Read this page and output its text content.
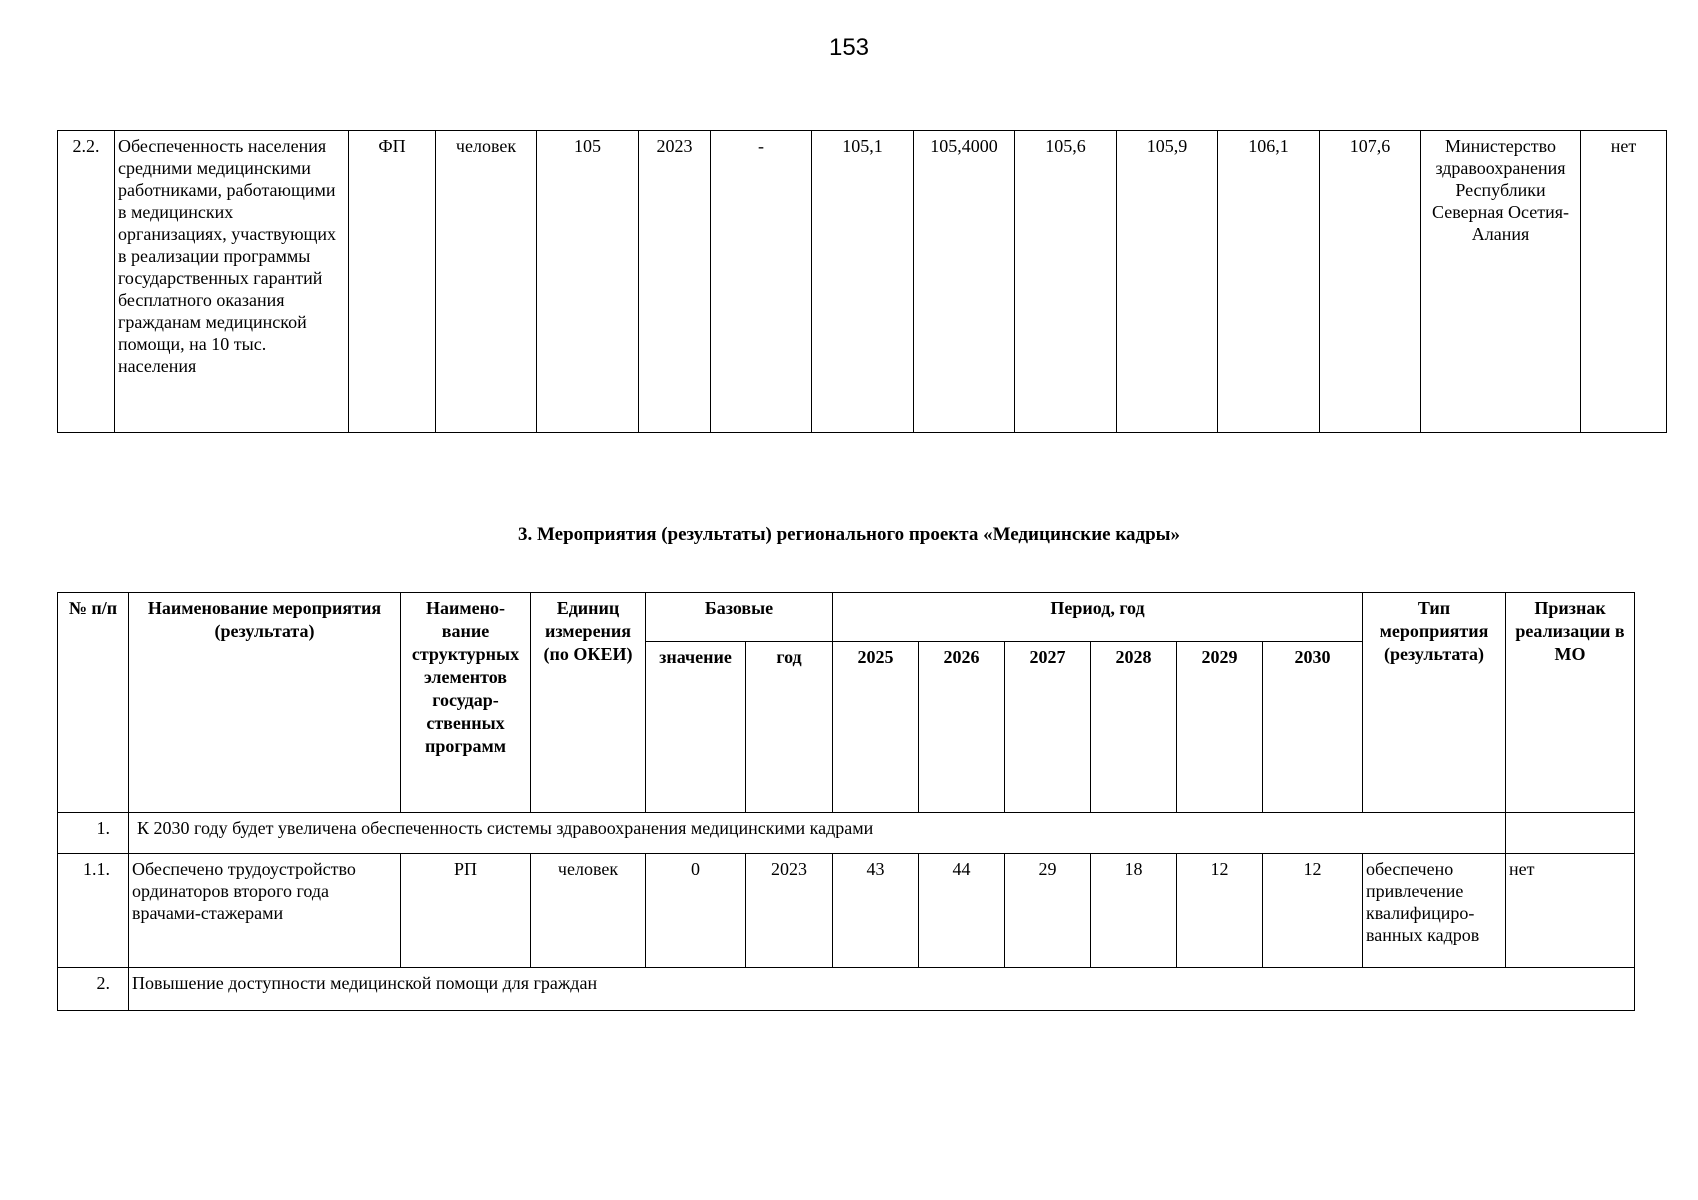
153
2.2.	Обеспеченность населения средними медицинскими работниками, работающими в медицинских организациях, участвующих в реализации программы государственных гарантий бесплатного оказания гражданам медицинской помощи, на 10 тыс. населения	ФП	человек	105	2023	-	105,1	105,4000	105,6	105,9	106,1	107,6	Министерство здравоохранения Республики Северная Осетия-Алания	нет
3. Мероприятия (результаты) регионального проекта «Медицинские кадры»
№ п/п	Наименование мероприятия (результата)	Наимено-вание структурных элементов государ-ственных программ	Единиц измерения (по ОКЕИ)	Базовые		Период, год						Тип мероприятия (результата)	Признак реализации в МО
				значение	год	2025	2026	2027	2028	2029	2030		
1.	К 2030 году будет увеличена обеспеченность системы здравоохранения медицинскими кадрами												
1.1.	Обеспечено трудоустройство ординаторов второго года врачами-стажерами	РП	человек	0	2023	43	44	29	18	12	12	обеспечено привлечение квалифициро-ванных кадров	нет
2.	Повышение доступности медицинской помощи для граждан												
